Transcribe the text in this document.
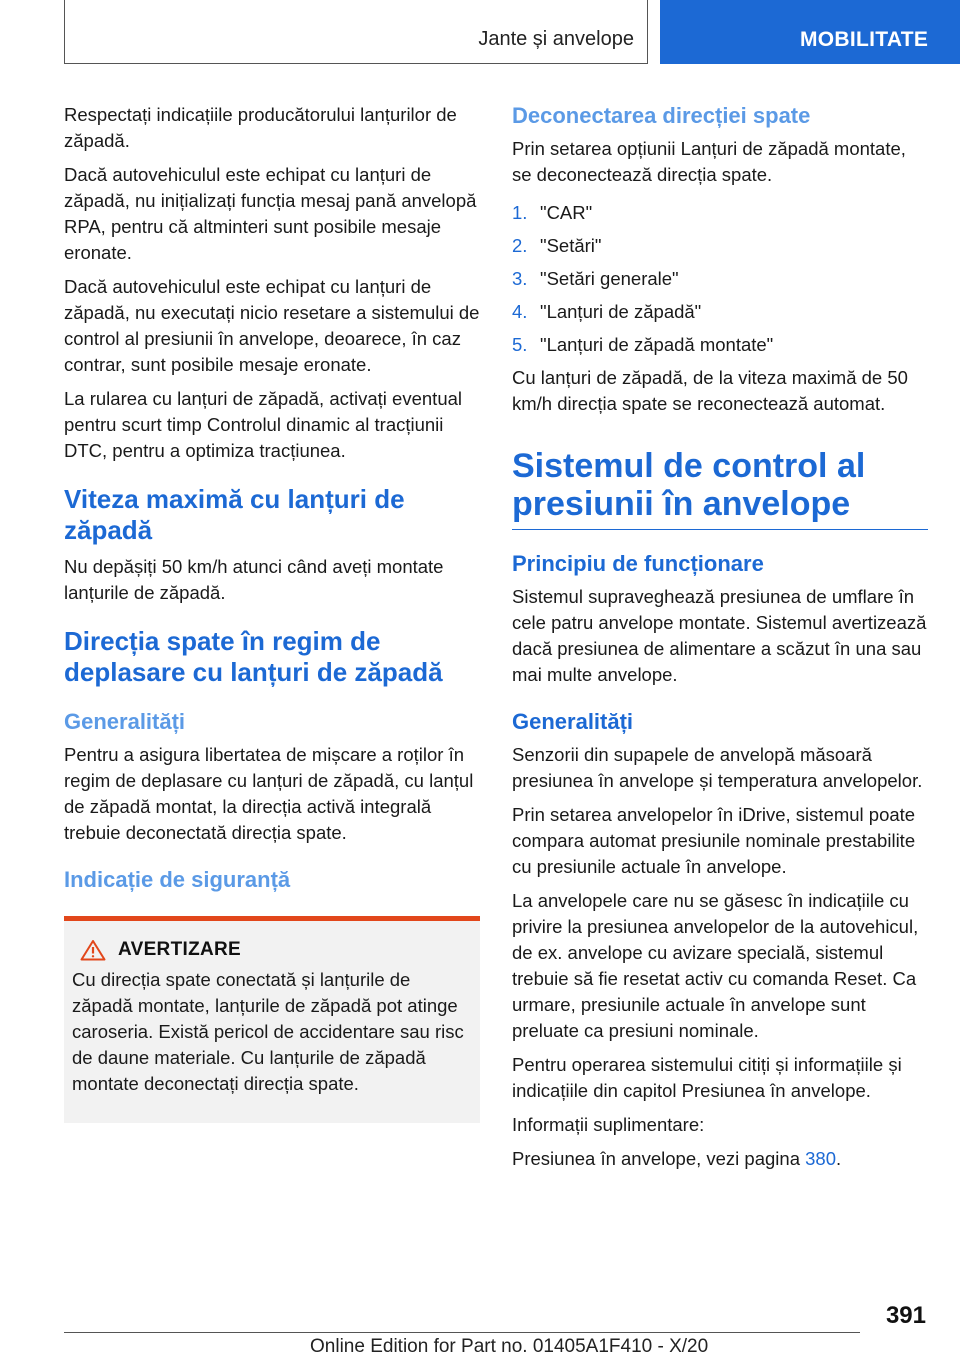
Jante și anvelope	MOBILITATE

Respectați indicațiile producătorului lanțurilor de zăpadă.

Dacă autovehiculul este echipat cu lanțuri de zăpadă, nu inițializați funcția mesaj pană anvelopă RPA, pentru că altminteri sunt posibile mesaje eronate.

Dacă autovehiculul este echipat cu lanțuri de zăpadă, nu executați nicio resetare a sistemului de control al presiunii în anvelope, deoarece, în caz contrar, sunt posibile mesaje eronate.

La rularea cu lanțuri de zăpadă, activați eventual pentru scurt timp Controlul dinamic al tracțiunii DTC, pentru a optimiza tracțiunea.

Viteza maximă cu lanțuri de zăpadă

Nu depășiți 50 km/h atunci când aveți montate lanțurile de zăpadă.

Direcția spate în regim de deplasare cu lanțuri de zăpadă
Generalități

Pentru a asigura libertatea de mișcare a roților în regim de deplasare cu lanțuri de zăpadă, cu lanțul de zăpadă montat, la direcția activă integrală trebuie deconectată direcția spate.

Indicație de siguranță
AVERTIZARE

Cu direcția spate conectată și lanțurile de zăpadă montate, lanțurile de zăpadă pot atinge caroseria. Există pericol de accidentare sau risc de daune materiale. Cu lanțurile de zăpadă montate deconectați direcția spate.

Deconectarea direcției spate

Prin setarea opțiunii Lanțuri de zăpadă montate, se deconectează direcția spate.

1. "CAR"
2. "Setări"
3. "Setări generale"
4. "Lanțuri de zăpadă"
5. "Lanțuri de zăpadă montate"

Cu lanțuri de zăpadă, de la viteza maximă de 50 km/h direcția spate se reconectează automat.

Sistemul de control al presiunii în anvelope
Principiu de funcționare

Sistemul supraveghează presiunea de umflare în cele patru anvelope montate. Sistemul avertizează dacă presiunea de alimentare a scăzut în una sau mai multe anvelope.

Generalități

Senzorii din supapele de anvelopă măsoară presiunea în anvelope și temperatura anvelopelor.

Prin setarea anvelopelor în iDrive, sistemul poate compara automat presiunile nominale prestabilite cu presiunile actuale în anvelope.

La anvelopele care nu se găsesc în indicațiile cu privire la presiunea anvelopelor de la autovehicul, de ex. anvelope cu avizare specială, sistemul trebuie să fie resetat activ cu comanda Reset. Ca urmare, presiunile actuale în anvelope sunt preluate ca presiuni nominale.

Pentru operarea sistemului citiți și informațiile și indicațiile din capitol Presiunea în anvelope.

Informații suplimentare:

Presiunea în anvelope, vezi pagina 380.

391
Online Edition for Part no. 01405A1F410 - X/20
